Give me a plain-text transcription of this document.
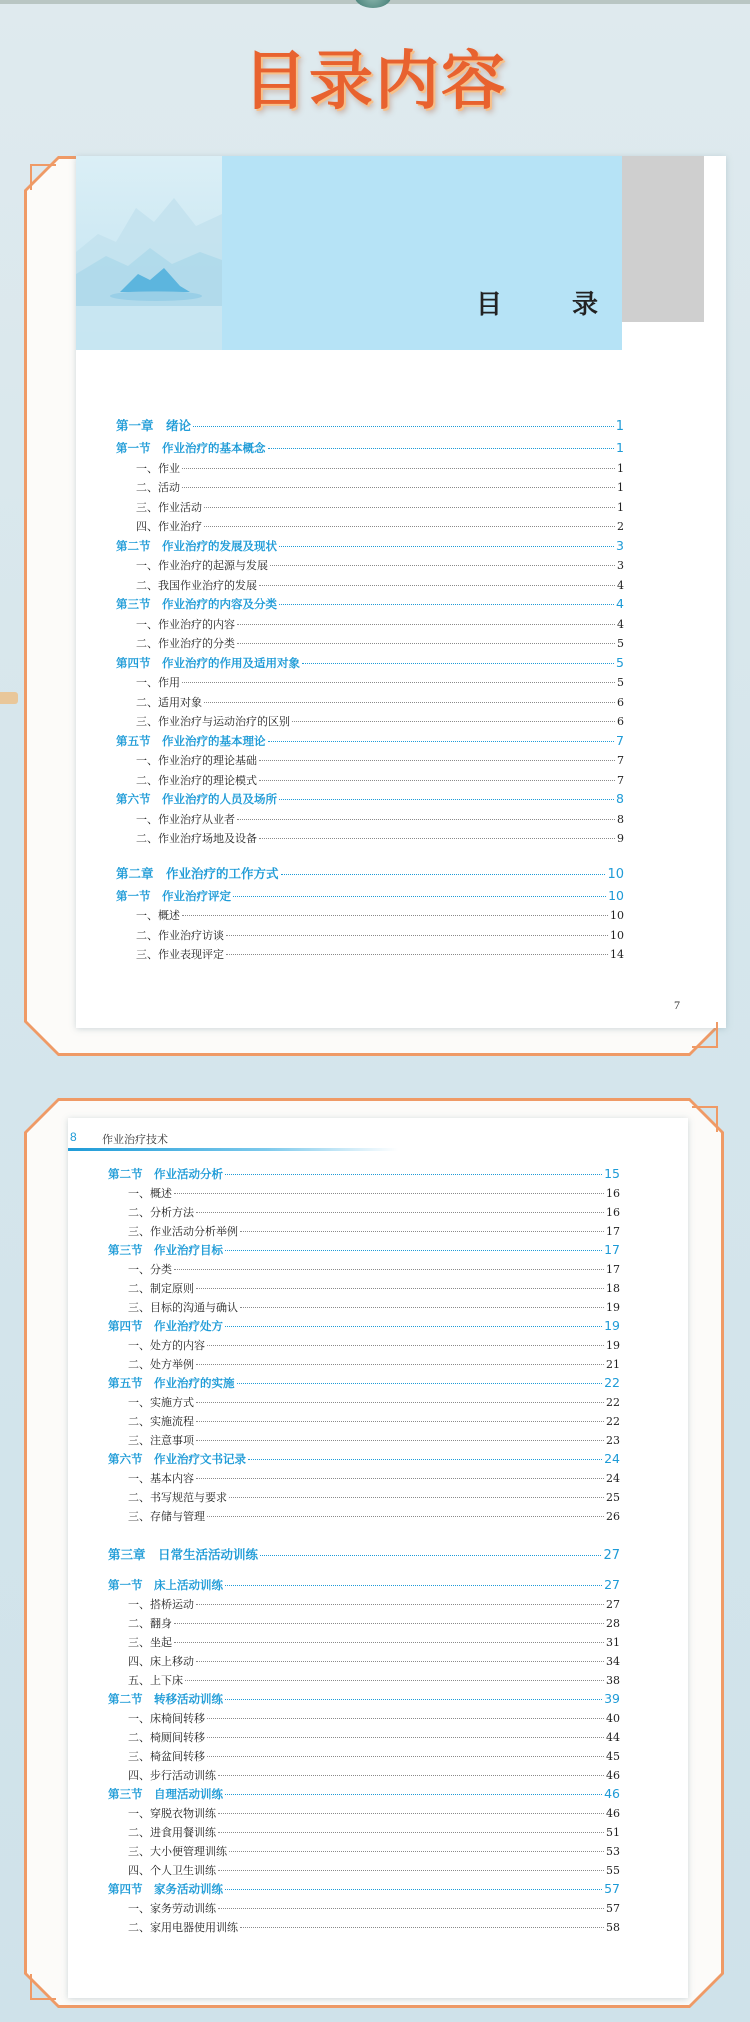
目录内容
目　录
第一章　绪论	1
第一节　作业治疗的基本概念	1
一、作业	1
二、活动	1
三、作业活动	1
四、作业治疗	2
第二节　作业治疗的发展及现状	3
一、作业治疗的起源与发展	3
二、我国作业治疗的发展	4
第三节　作业治疗的内容及分类	4
一、作业治疗的内容	4
二、作业治疗的分类	5
第四节　作业治疗的作用及适用对象	5
一、作用	5
二、适用对象	6
三、作业治疗与运动治疗的区别	6
第五节　作业治疗的基本理论	7
一、作业治疗的理论基础	7
二、作业治疗的理论模式	7
第六节　作业治疗的人员及场所	8
一、作业治疗从业者	8
二、作业治疗场地及设备	9
第二章　作业治疗的工作方式	10
第一节　作业治疗评定	10
一、概述	10
二、作业治疗访谈	10
三、作业表现评定	14
7
8 作业治疗技术
第二节　作业活动分析	15
一、概述	16
二、分析方法	16
三、作业活动分析举例	17
第三节　作业治疗目标	17
一、分类	17
二、制定原则	18
三、目标的沟通与确认	19
第四节　作业治疗处方	19
一、处方的内容	19
二、处方举例	21
第五节　作业治疗的实施	22
一、实施方式	22
二、实施流程	22
三、注意事项	23
第六节　作业治疗文书记录	24
一、基本内容	24
二、书写规范与要求	25
三、存储与管理	26
第三章　日常生活活动训练	27
第一节　床上活动训练	27
一、搭桥运动	27
二、翻身	28
三、坐起	31
四、床上移动	34
五、上下床	38
第二节　转移活动训练	39
一、床椅间转移	40
二、椅厕间转移	44
三、椅盆间转移	45
四、步行活动训练	46
第三节　自理活动训练	46
一、穿脱衣物训练	46
二、进食用餐训练	51
三、大小便管理训练	53
四、个人卫生训练	55
第四节　家务活动训练	57
一、家务劳动训练	57
二、家用电器使用训练	58
